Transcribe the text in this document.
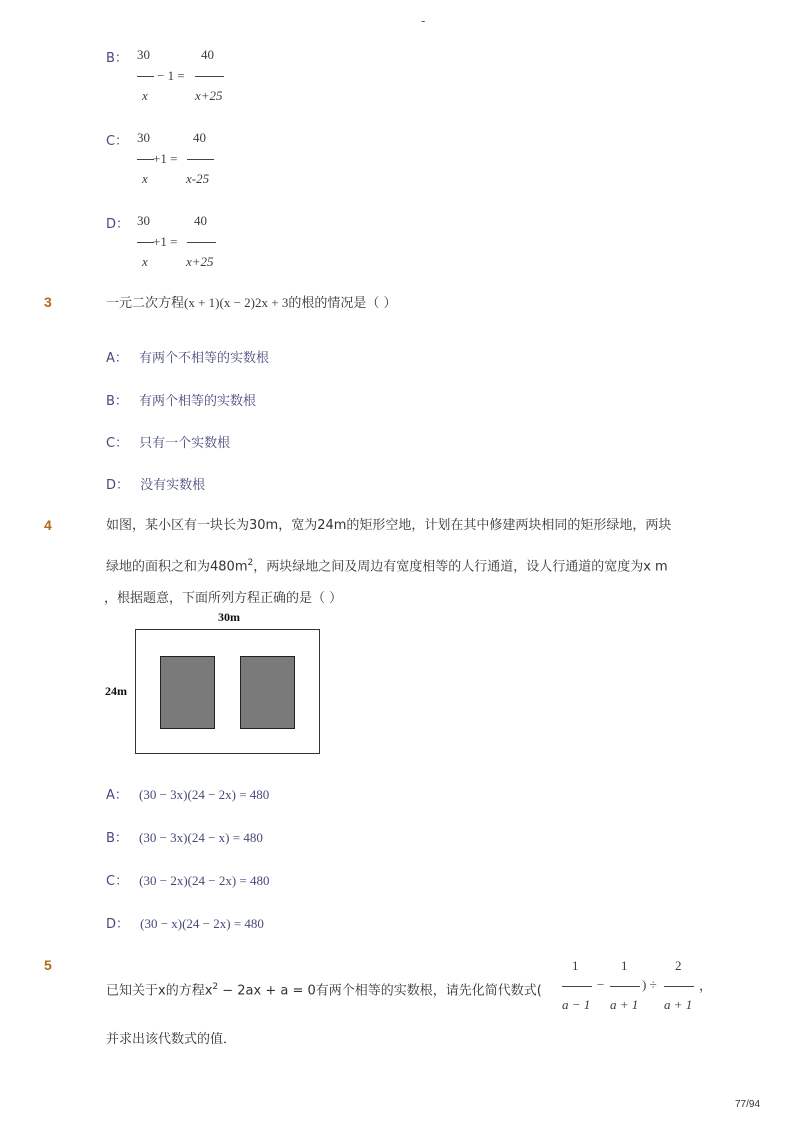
-
B： 30
x
− 1 =
40
x+25
C： 30
x
+1 =
40
x-25
D： 30
x
+1 =
40
x+25
3	一元二次方程(x + 1)(x − 2)2x + 3的根的情况是（ ）
A： 有两个不相等的实数根
B： 有两个相等的实数根
C： 只有一个实数根
D： 没有实数根
4	如图，某小区有一块长为30m，宽为24m的矩形空地，计划在其中修建两块相同的矩形绿地，两块
绿地的面积之和为$480m^2$，两块绿地之间及周边有宽度相等的人行通道，设人行通道的宽度为x m
，根据题意，下面所列方程正确的是（ ）
30m
24m
A： (30 − 3x)(24 − 2x) = 480
B： (30 − 3x)(24 − x) = 480
C： (30 − 2x)(24 − 2x) = 480
D： (30 − x)(24 − 2x) = 480
5
已知关于x的方程$x^2 - 2ax + a = 0$有两个相等的实数根，请先化简代数式(
1
a − 1
−
1
a + 1
) ÷
2
a + 1
，
并求出该代数式的值．
77/94
